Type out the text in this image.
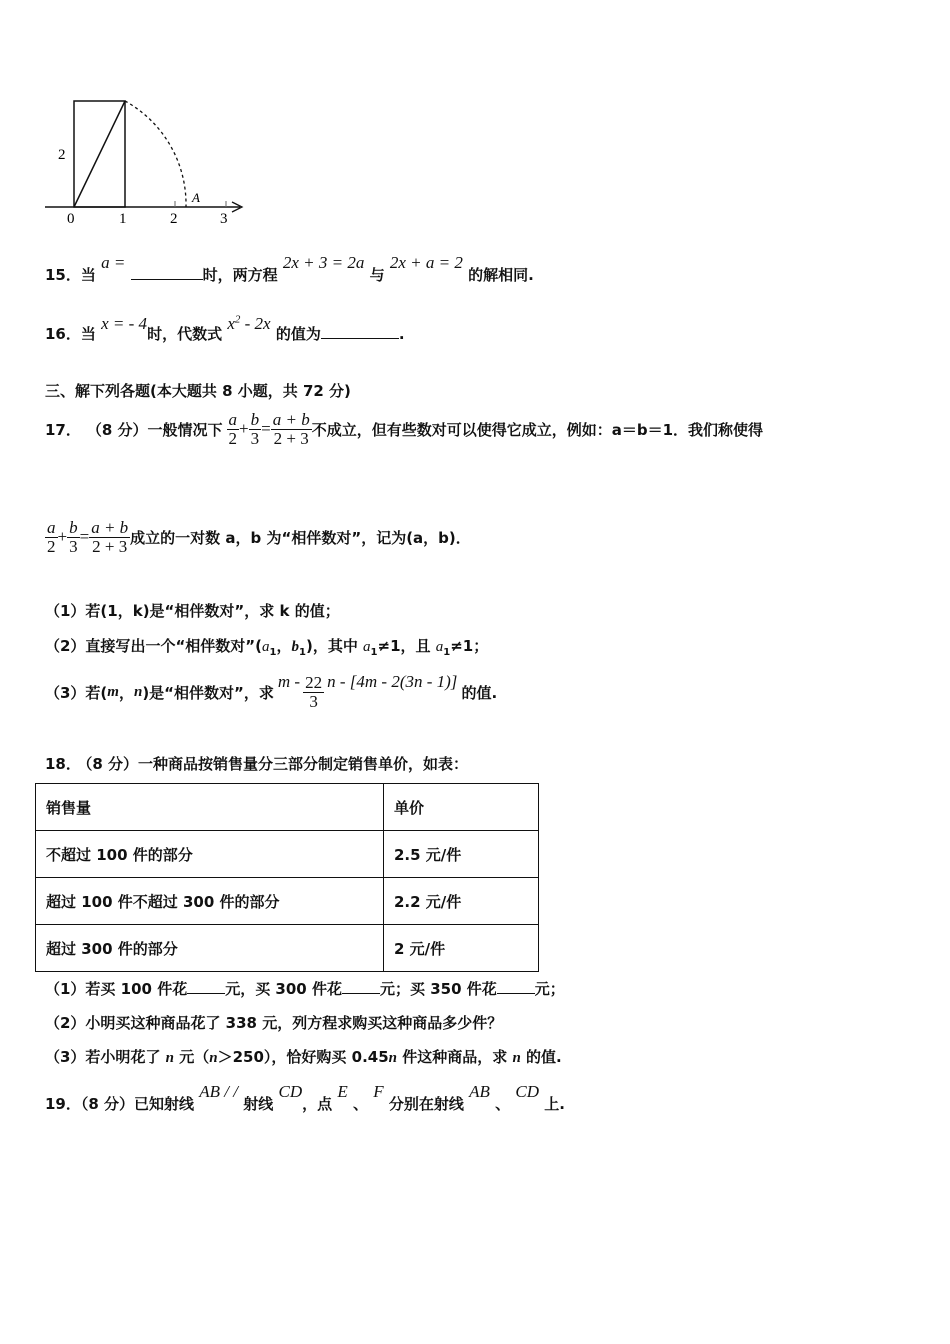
2
0	1	2	3
A
15．当 a = 时，两方程 2x + 3 = 2a 与 2x + a = 2 的解相同.
16．当 x = - 4时，代数式 $x^2 - 2x$ 的值为	.
三、解下列各题(本大题共 8 小题，共 72 分)
17． （8 分）一般情况下 $\frac{a}{2} + \frac{b}{3} = \frac{a + b}{2 + 3}$ 不成立，但有些数对可以使得它成立，例如：a＝b＝1．我们称使得
$\frac{a}{2} + \frac{b}{3} = \frac{a + b}{2 + 3}$ 成立的一对数 a，b 为“相伴数对”，记为(a，b)．
（1）若(1，k)是“相伴数对”，求 k 的值；
（2）直接写出一个“相伴数对$”(a_1$，$b_1$)，其中 $a_1\ne 1$，且 $a_1\ne 1$；
（3）若( m ， n )是“相伴数对”，求
m - $\frac{22}{3}$ n - [4m - 2(3n - 1)]
的值.
18． （8 分）一种商品按销售量分三部分制定销售单价，如表：
销售量	单价
不超过 100 件的部分	2.5 元/件
超过 100 件不超过 300 件的部分	2.2 元/件
超过 300 件的部分	2 元/件
（1）若买 100 件花	元，买 300 件花	元；买 350 件花	元；
（2）小明买这种商品花了 338 元，列方程求购买这种商品多少件？
（3）若小明花了 n 元（n＞250），恰好购买 0.45n 件这种商品，求 n 的值.
19．（8 分）已知射线 AB / / 射线 CD，点 E 、 F 分别在射线 AB 、 CD 上.
